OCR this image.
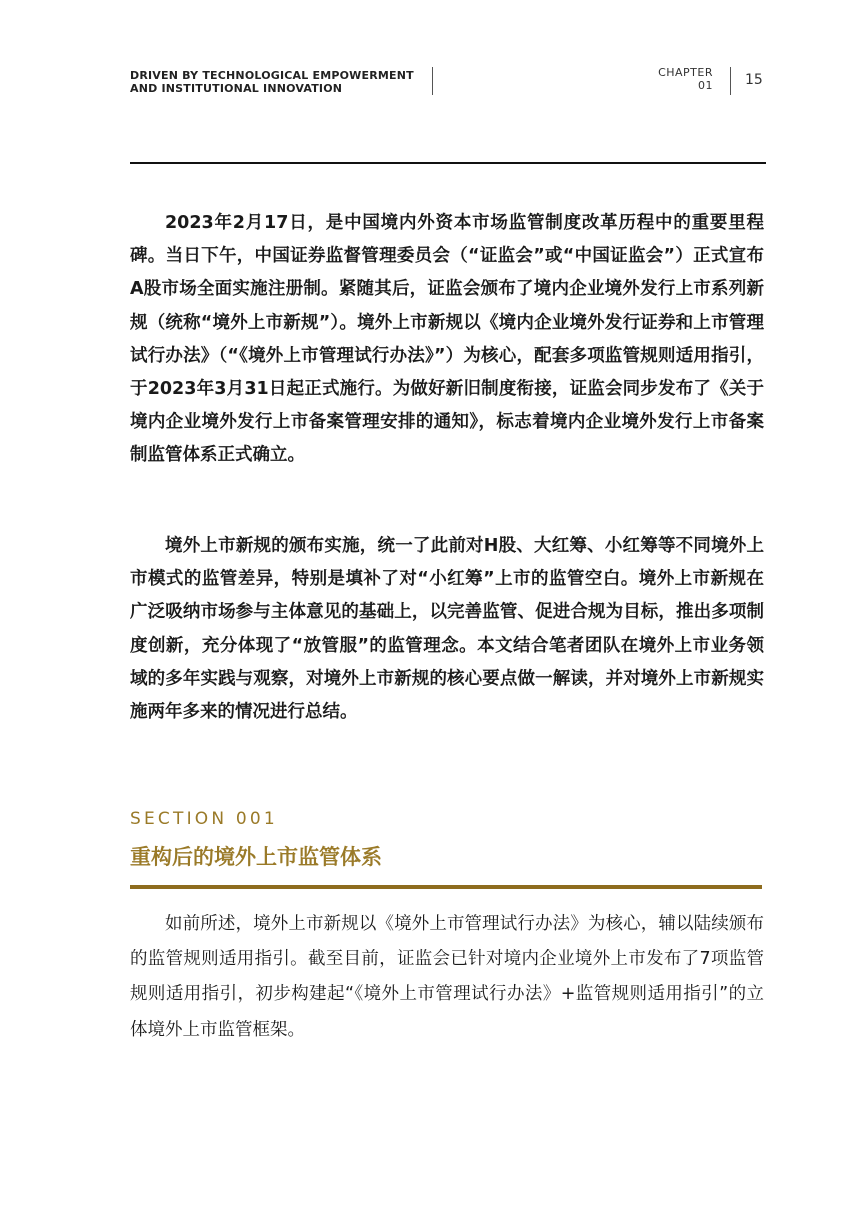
DRIVEN BY TECHNOLOGICAL EMPOWERMENT
AND INSTITUTIONAL INNOVATION
CHAPTER
01 15

2023年2月17日，是中国境内外资本市场监管制度改革历程中的重要里程碑。当日下午，中国证券监督管理委员会（“证监会”或“中国证监会”）正式宣布A股市场全面实施注册制。紧随其后，证监会颁布了境内企业境外发行上市系列新规（统称“境外上市新规”）。境外上市新规以《境内企业境外发行证券和上市管理试行办法》（“《境外上市管理试行办法》”）为核心，配套多项监管规则适用指引，于2023年3月31日起正式施行。为做好新旧制度衔接，证监会同步发布了《关于境内企业境外发行上市备案管理安排的通知》，标志着境内企业境外发行上市备案制监管体系正式确立。

境外上市新规的颁布实施，统一了此前对H股、大红筹、小红筹等不同境外上市模式的监管差异，特别是填补了对“小红筹”上市的监管空白。境外上市新规在广泛吸纳市场参与主体意见的基础上，以完善监管、促进合规为目标，推出多项制度创新，充分体现了“放管服”的监管理念。本文结合笔者团队在境外上市业务领域的多年实践与观察，对境外上市新规的核心要点做一解读，并对境外上市新规实施两年多来的情况进行总结。

SECTION 001
重构后的境外上市监管体系

如前所述，境外上市新规以《境外上市管理试行办法》为核心，辅以陆续颁布的监管规则适用指引。截至目前，证监会已针对境内企业境外上市发布了7项监管规则适用指引，初步构建起“《境外上市管理试行办法》+监管规则适用指引”的立体境外上市监管框架。
